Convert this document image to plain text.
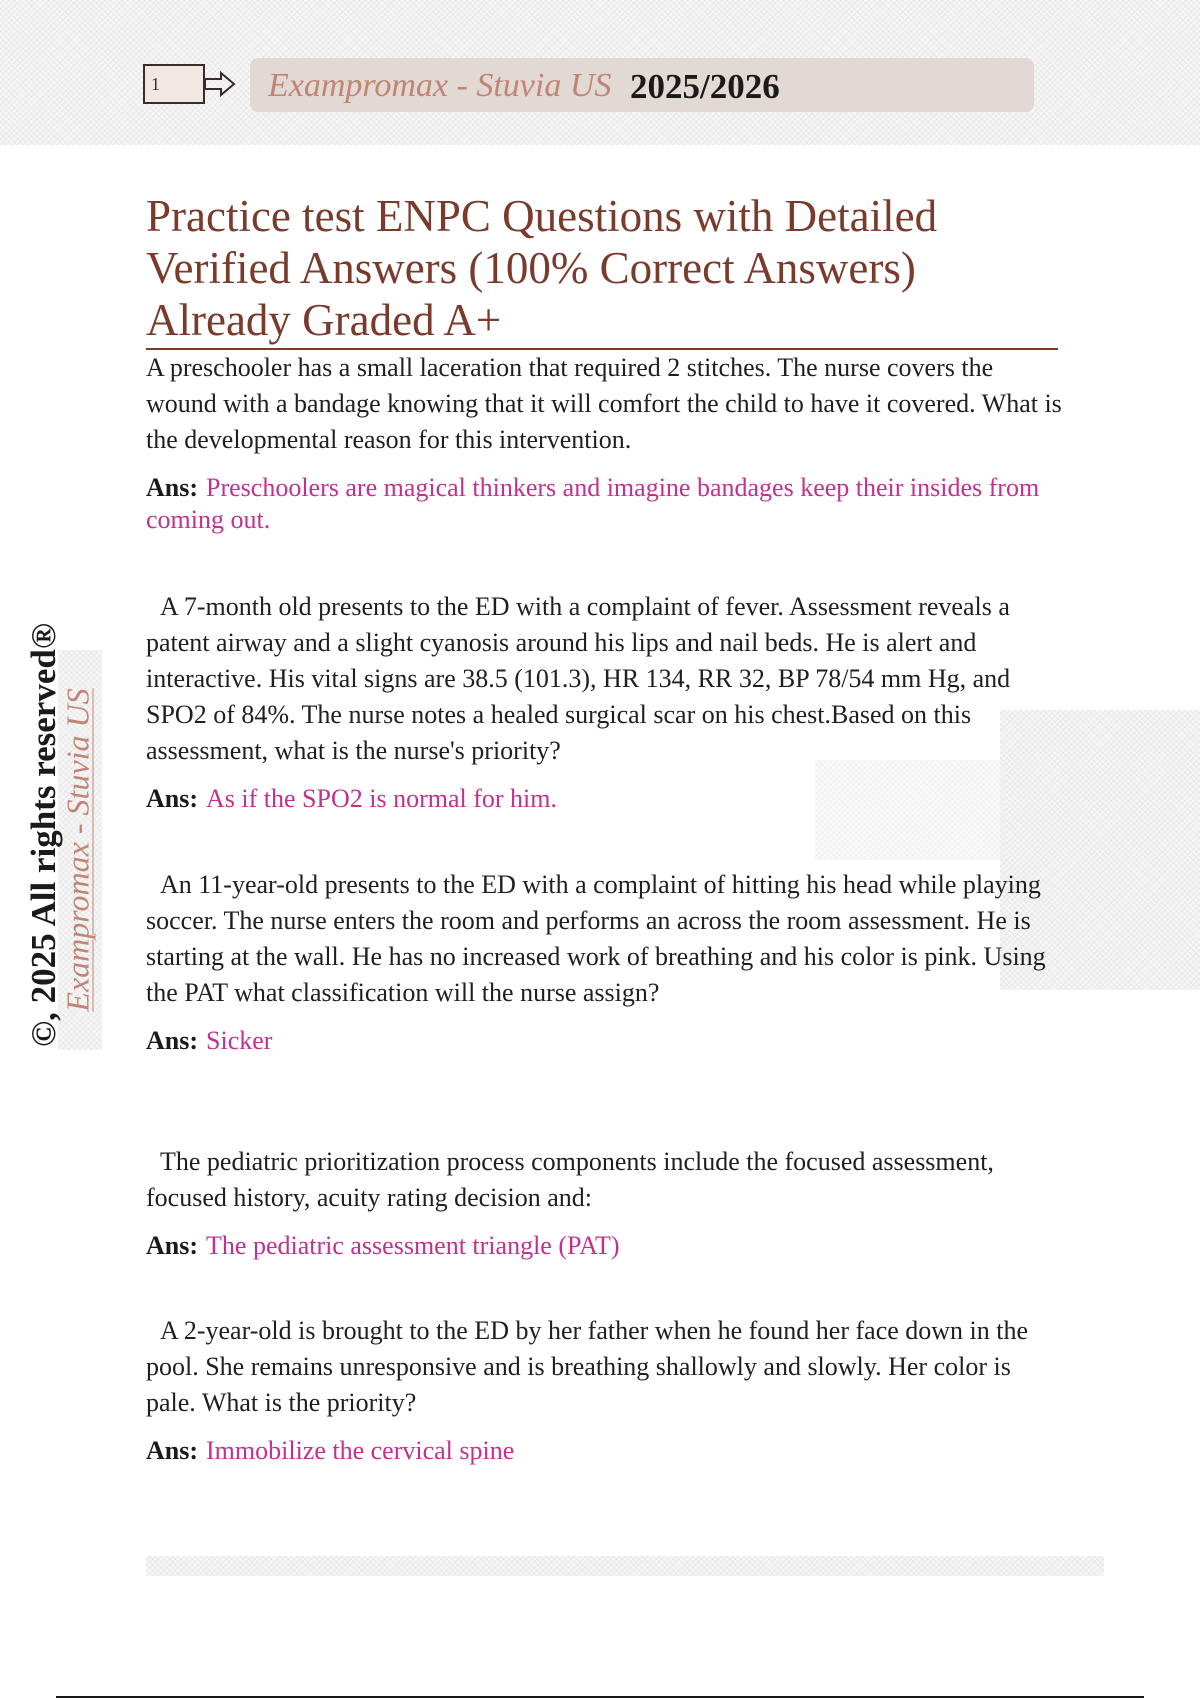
1	Exampromax - Stuvia US 2025/2026
©, 2025 All rights reserved®
Exampromax - Stuvia US
Practice test ENPC Questions with Detailed Verified Answers (100% Correct Answers) Already Graded A+

A preschooler has a small laceration that required 2 stitches. The nurse covers the wound with a bandage knowing that it will comfort the child to have it covered. What is the developmental reason for this intervention.

Ans: Preschoolers are magical thinkers and imagine bandages keep their insides from coming out.

A 7-month old presents to the ED with a complaint of fever. Assessment reveals a patent airway and a slight cyanosis around his lips and nail beds. He is alert and interactive. His vital signs are 38.5 (101.3), HR 134, RR 32, BP 78/54 mm Hg, and SPO2 of 84%. The nurse notes a healed surgical scar on his chest.Based on this assessment, what is the nurse's priority?

Ans: As if the SPO2 is normal for him.

An 11-year-old presents to the ED with a complaint of hitting his head while playing soccer. The nurse enters the room and performs an across the room assessment. He is starting at the wall. He has no increased work of breathing and his color is pink. Using the PAT what classification will the nurse assign?

Ans: Sicker

The pediatric prioritization process components include the focused assessment, focused history, acuity rating decision and:

Ans: The pediatric assessment triangle (PAT)

A 2-year-old is brought to the ED by her father when he found her face down in the pool. She remains unresponsive and is breathing shallowly and slowly. Her color is pale. What is the priority?

Ans: Immobilize the cervical spine
